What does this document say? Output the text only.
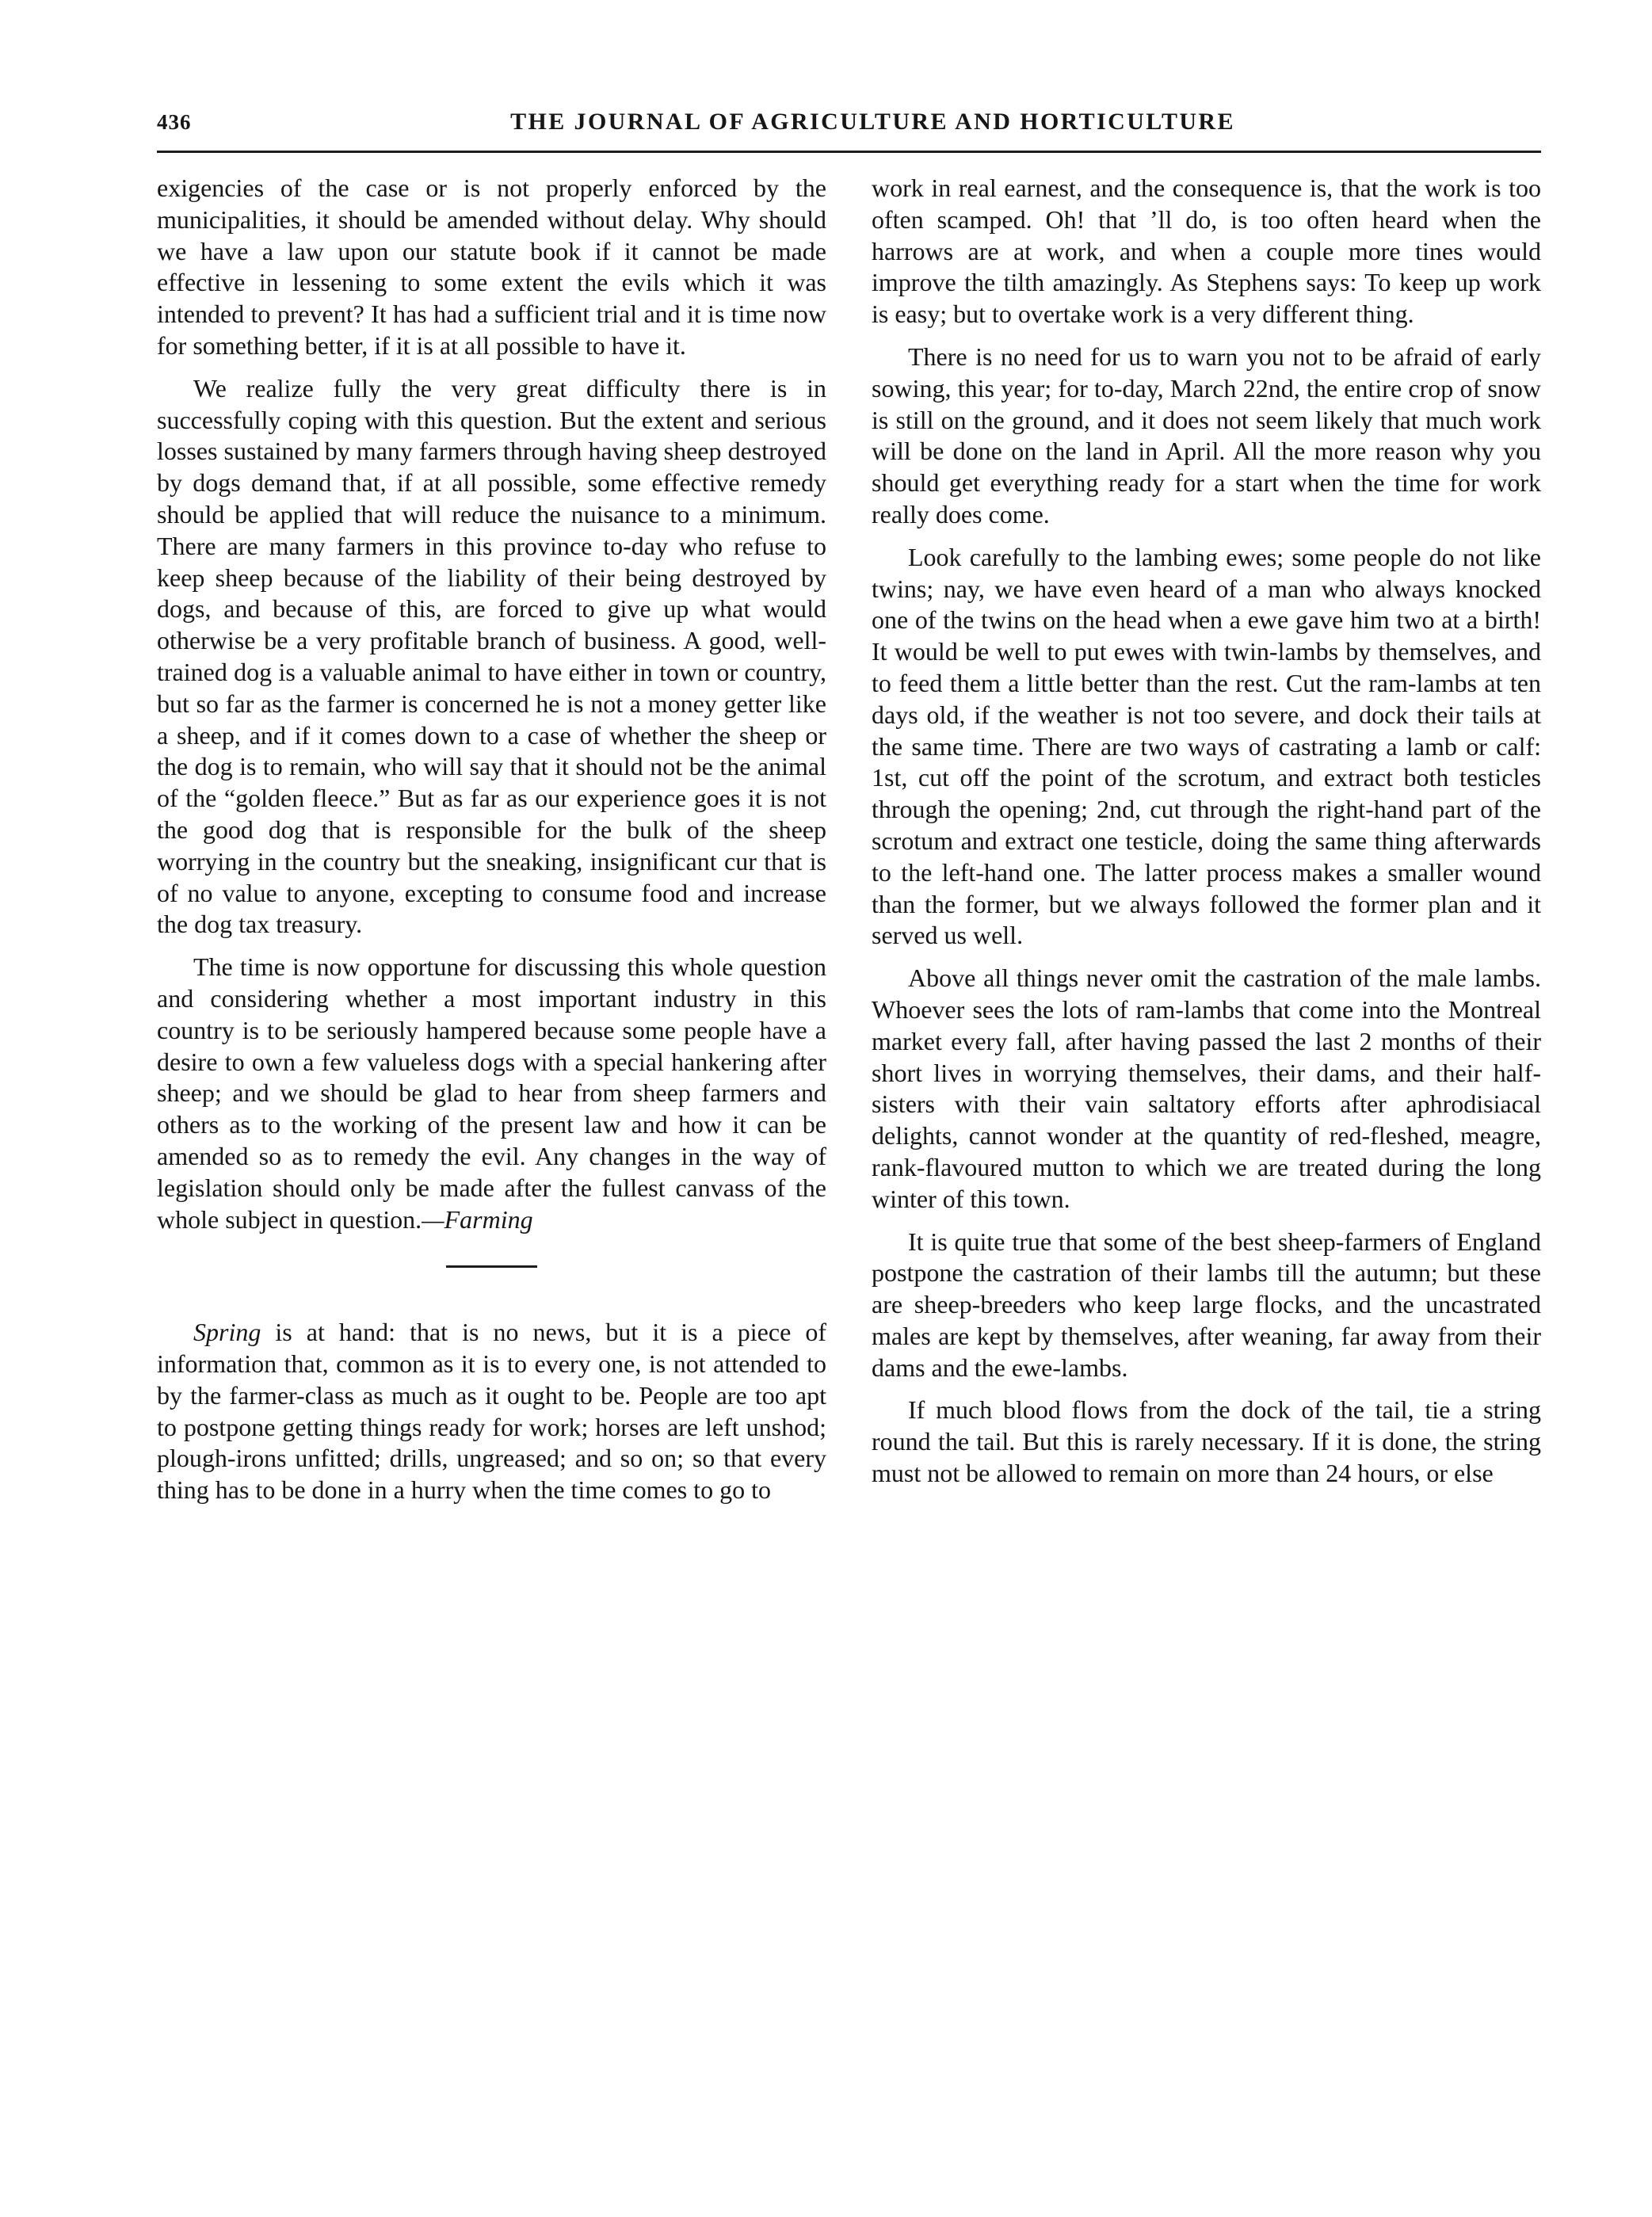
436	THE JOURNAL OF AGRICULTURE AND HORTICULTURE

exigencies of the case or is not properly enforced by the municipalities, it should be amended without delay. Why should we have a law upon our statute book if it cannot be made effective in lessening to some extent the evils which it was intended to prevent? It has had a sufficient trial and it is time now for something better, if it is at all possible to have it.

We realize fully the very great difficulty there is in successfully coping with this question. But the extent and serious losses sustained by many farmers through having sheep destroyed by dogs demand that, if at all possible, some effective remedy should be applied that will reduce the nuisance to a minimum. There are many farmers in this province to-day who refuse to keep sheep because of the liability of their being destroyed by dogs, and because of this, are forced to give up what would otherwise be a very profitable branch of business. A good, well-trained dog is a valuable animal to have either in town or country, but so far as the farmer is concerned he is not a money getter like a sheep, and if it comes down to a case of whether the sheep or the dog is to remain, who will say that it should not be the animal of the “golden fleece.” But as far as our experience goes it is not the good dog that is responsible for the bulk of the sheep worrying in the country but the sneaking, insignificant cur that is of no value to anyone, excepting to consume food and increase the dog tax treasury.

The time is now opportune for discussing this whole question and considering whether a most important industry in this country is to be seriously hampered because some people have a desire to own a few valueless dogs with a special hankering after sheep; and we should be glad to hear from sheep farmers and others as to the working of the present law and how it can be amended so as to remedy the evil. Any changes in the way of legislation should only be made after the fullest canvass of the whole subject in question.—Farming

Spring is at hand: that is no news, but it is a piece of information that, common as it is to every one, is not attended to by the farmer-class as much as it ought to be. People are too apt to postpone getting things ready for work; horses are left unshod; plough-irons unfitted; drills, ungreased; and so on; so that every thing has to be done in a hurry when the time comes to go to

work in real earnest, and the consequence is, that the work is too often scamped. Oh! that ’ll do, is too often heard when the harrows are at work, and when a couple more tines would improve the tilth amazingly. As Stephens says: To keep up work is easy; but to overtake work is a very different thing.

There is no need for us to warn you not to be afraid of early sowing, this year; for to-day, March 22nd, the entire crop of snow is still on the ground, and it does not seem likely that much work will be done on the land in April. All the more reason why you should get everything ready for a start when the time for work really does come.

Look carefully to the lambing ewes; some people do not like twins; nay, we have even heard of a man who always knocked one of the twins on the head when a ewe gave him two at a birth! It would be well to put ewes with twin-lambs by themselves, and to feed them a little better than the rest. Cut the ram-lambs at ten days old, if the weather is not too severe, and dock their tails at the same time. There are two ways of castrating a lamb or calf: 1st, cut off the point of the scrotum, and extract both testicles through the opening; 2nd, cut through the right-hand part of the scrotum and extract one testicle, doing the same thing afterwards to the left-hand one. The latter process makes a smaller wound than the former, but we always followed the former plan and it served us well.

Above all things never omit the castration of the male lambs. Whoever sees the lots of ram-lambs that come into the Montreal market every fall, after having passed the last 2 months of their short lives in worrying themselves, their dams, and their half-sisters with their vain saltatory efforts after aphrodisiacal delights, cannot wonder at the quantity of red-fleshed, meagre, rank-flavoured mutton to which we are treated during the long winter of this town.

It is quite true that some of the best sheep-farmers of England postpone the castration of their lambs till the autumn; but these are sheep-breeders who keep large flocks, and the uncastrated males are kept by themselves, after weaning, far away from their dams and the ewe-lambs.

If much blood flows from the dock of the tail, tie a string round the tail. But this is rarely necessary. If it is done, the string must not be allowed to remain on more than 24 hours, or else
